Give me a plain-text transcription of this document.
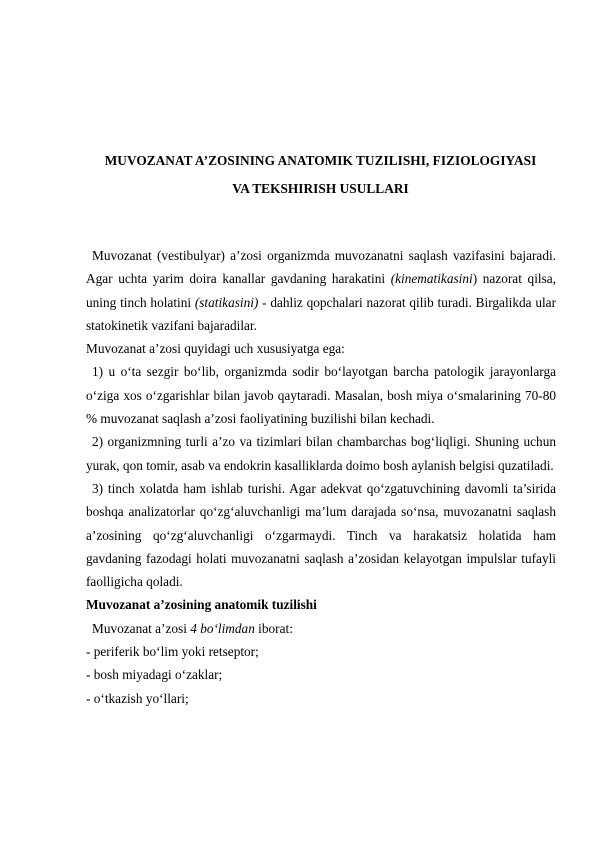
MUVOZANAT A’ZOSINING ANATOMIK TUZILISHI, FIZIOLOGIYASI
VA TEKSHIRISH USULLARI

Muvozanat (vestibulyar) a’zosi organizmda muvozanatni saqlash vazifasini bajaradi. Agar uchta yarim doira kanallar gavdaning harakatini (kinematikasini) nazorat qilsa, uning tinch holatini (statikasini) - dahliz qopchalari nazorat qilib turadi. Birgalikda ular statokinetik vazifani bajaradilar.

Muvozanat a’zosi quyidagi uch xususiyatga ega:

1) u o‘ta sezgir bo‘lib, organizmda sodir bo‘layotgan barcha patologik jarayonlarga o‘ziga xos o‘zgarishlar bilan javob qaytaradi. Masalan, bosh miya o‘smalarining 70-80 % muvozanat saqlash a’zosi faoliyatining buzilishi bilan kechadi.

2) organizmning turli a’zo va tizimlari bilan chambarchas bog‘liqligi. Shuning uchun yurak, qon tomir, asab va endokrin kasalliklarda doimo bosh aylanish belgisi quzatiladi.

3) tinch xolatda ham ishlab turishi. Agar adekvat qo‘zgatuvchining davomli ta’sirida boshqa analizatorlar qo‘zg‘aluvchanligi ma’lum darajada so‘nsa, muvozanatni saqlash a’zosining qo‘zg‘aluvchanligi o‘zgarmaydi. Tinch va harakatsiz holatida ham gavdaning fazodagi holati muvozanatni saqlash a’zosidan kelayotgan impulslar tufayli faolligicha qoladi.

Muvozanat a’zosining anatomik tuzilishi

Muvozanat a’zosi 4 bo‘limdan iborat:

- periferik bo‘lim yoki retseptor;

- bosh miyadagi o‘zaklar;

- o‘tkazish yo‘llari;
